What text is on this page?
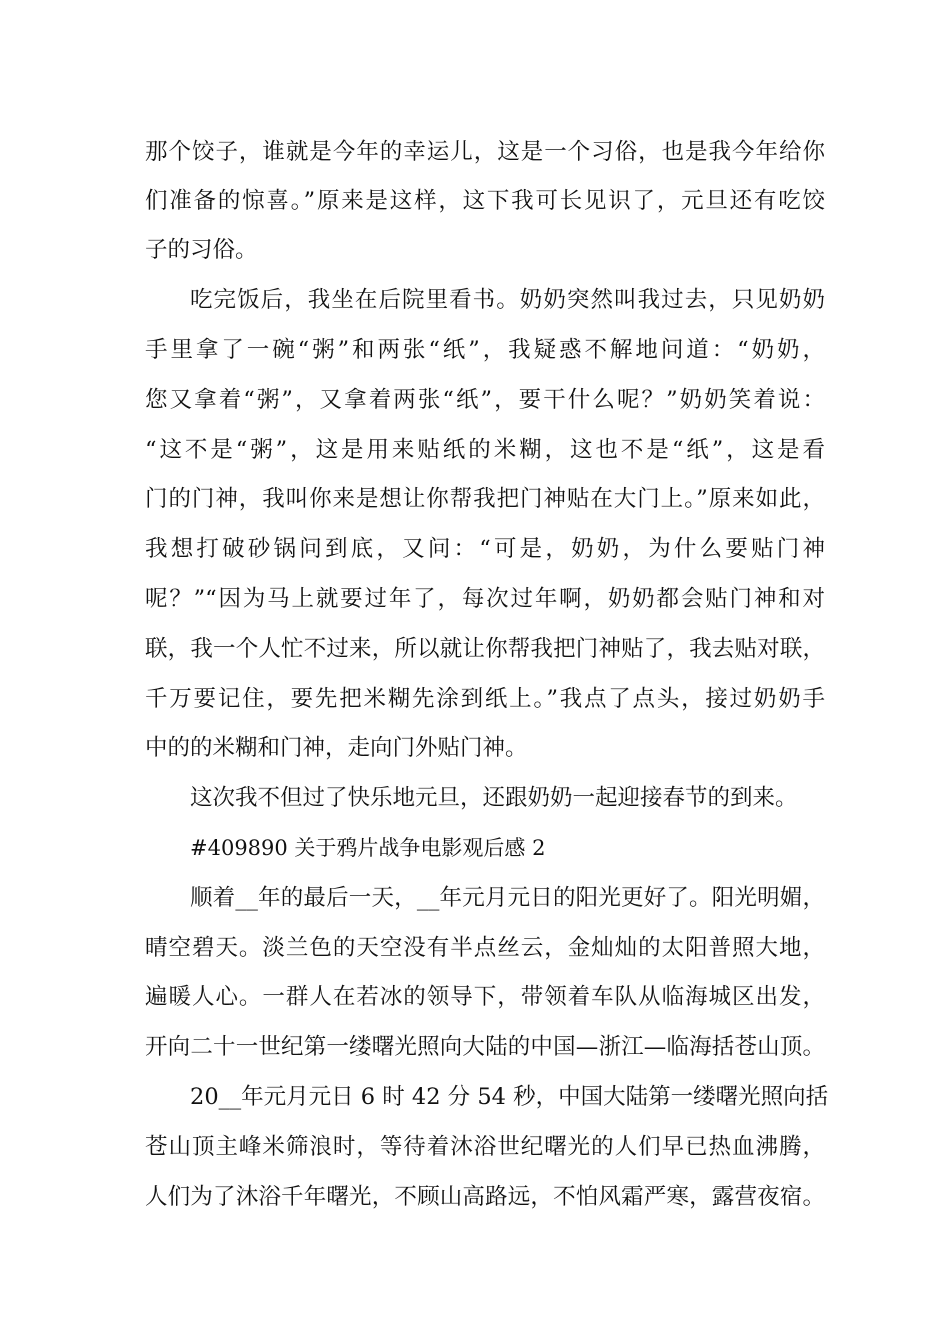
那个饺子，谁就是今年的幸运儿，这是一个习俗，也是我今年给你
们准备的惊喜。”原来是这样，这下我可长见识了，元旦还有吃饺
子的习俗。
吃完饭后，我坐在后院里看书。奶奶突然叫我过去，只见奶奶
手里拿了一碗“粥”和两张“纸”，我疑惑不解地问道：“奶奶，
您又拿着“粥”，又拿着两张“纸”，要干什么呢？”奶奶笑着说：
“这不是“粥”，这是用来贴纸的米糊，这也不是“纸”，这是看
门的门神，我叫你来是想让你帮我把门神贴在大门上。”原来如此，
我想打破砂锅问到底，又问：“可是，奶奶，为什么要贴门神
呢？”“因为马上就要过年了，每次过年啊，奶奶都会贴门神和对
联，我一个人忙不过来，所以就让你帮我把门神贴了，我去贴对联，
千万要记住，要先把米糊先涂到纸上。”我点了点头，接过奶奶手
中的的米糊和门神，走向门外贴门神。
这次我不但过了快乐地元旦，还跟奶奶一起迎接春节的到来。
#409890 关于鸦片战争电影观后感 2
顺着__年的最后一天，__年元月元日的阳光更好了。阳光明媚，
晴空碧天。淡兰色的天空没有半点丝云，金灿灿的太阳普照大地，
遍暖人心。一群人在若冰的领导下，带领着车队从临海城区出发，
开向二十一世纪第一缕曙光照向大陆的中国—浙江—临海括苍山顶。
20__年元月元日 6 时 42 分 54 秒，中国大陆第一缕曙光照向括
苍山顶主峰米筛浪时，等待着沐浴世纪曙光的人们早已热血沸腾，
人们为了沐浴千年曙光，不顾山高路远，不怕风霜严寒，露营夜宿。
